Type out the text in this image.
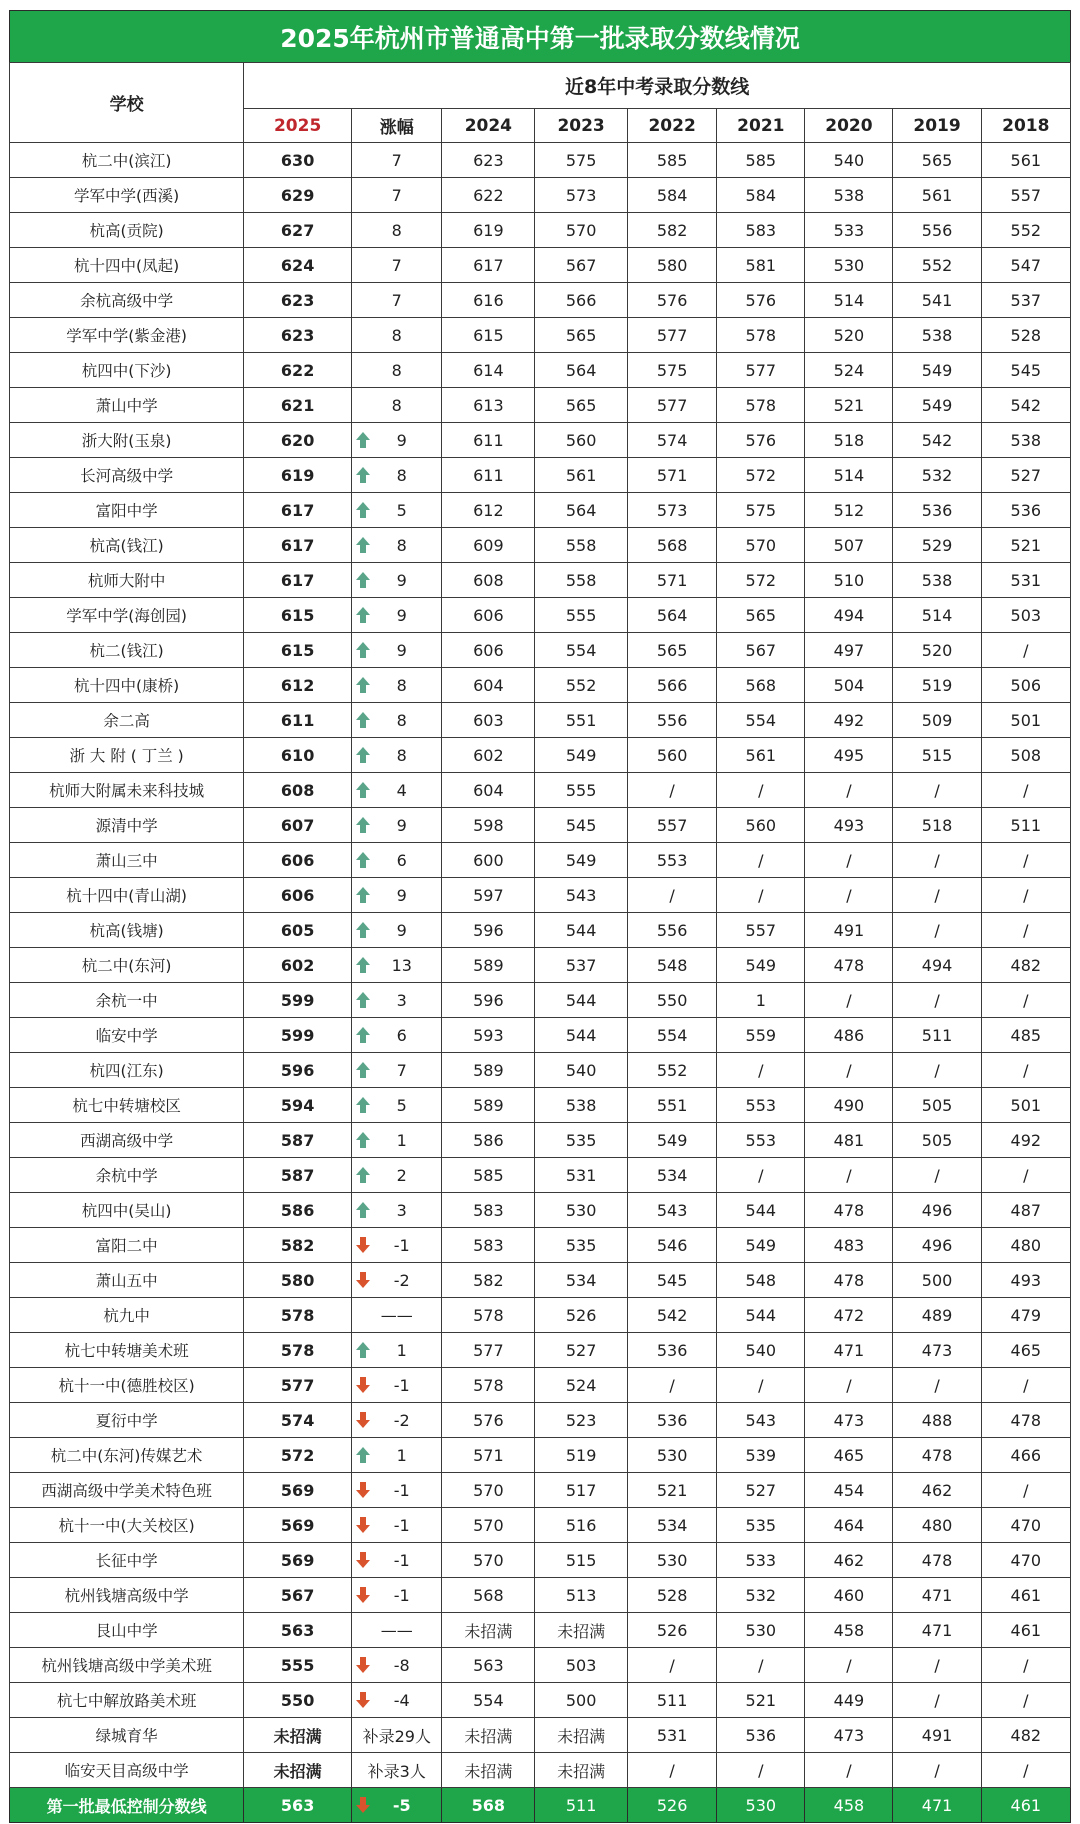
2025年杭州市普通高中第一批录取分数线情况
学校	近8年中考录取分数线								
	2025	涨幅	2024	2023	2022	2021	2020	2019	2018
杭二中(滨江)	630	7	623	575	585	585	540	565	561
学军中学(西溪)	629	7	622	573	584	584	538	561	557
杭高(贡院)	627	8	619	570	582	583	533	556	552
杭十四中(凤起)	624	7	617	567	580	581	530	552	547
余杭高级中学	623	7	616	566	576	576	514	541	537
学军中学(紫金港)	623	8	615	565	577	578	520	538	528
杭四中(下沙)	622	8	614	564	575	577	524	549	545
萧山中学	621	8	613	565	577	578	521	549	542
浙大附(玉泉)	620	9	611	560	574	576	518	542	538
长河高级中学	619	8	611	561	571	572	514	532	527
富阳中学	617	5	612	564	573	575	512	536	536
杭高(钱江)	617	8	609	558	568	570	507	529	521
杭师大附中	617	9	608	558	571	572	510	538	531
学军中学(海创园)	615	9	606	555	564	565	494	514	503
杭二(钱江)	615	9	606	554	565	567	497	520	/
杭十四中(康桥)	612	8	604	552	566	568	504	519	506
余二高	611	8	603	551	556	554	492	509	501
浙 大 附 ( 丁兰 )	610	8	602	549	560	561	495	515	508
杭师大附属未来科技城	608	4	604	555	/	/	/	/	/
源清中学	607	9	598	545	557	560	493	518	511
萧山三中	606	6	600	549	553	/	/	/	/
杭十四中(青山湖)	606	9	597	543	/	/	/	/	/
杭高(钱塘)	605	9	596	544	556	557	491	/	/
杭二中(东河)	602	13	589	537	548	549	478	494	482
余杭一中	599	3	596	544	550	1	/	/	/
临安中学	599	6	593	544	554	559	486	511	485
杭四(江东)	596	7	589	540	552	/	/	/	/
杭七中转塘校区	594	5	589	538	551	553	490	505	501
西湖高级中学	587	1	586	535	549	553	481	505	492
余杭中学	587	2	585	531	534	/	/	/	/
杭四中(吴山)	586	3	583	530	543	544	478	496	487
富阳二中	582	-1	583	535	546	549	483	496	480
萧山五中	580	-2	582	534	545	548	478	500	493
杭九中	578	——	578	526	542	544	472	489	479
杭七中转塘美术班	578	1	577	527	536	540	471	473	465
杭十一中(德胜校区)	577	-1	578	524	/	/	/	/	/
夏衍中学	574	-2	576	523	536	543	473	488	478
杭二中(东河)传媒艺术	572	1	571	519	530	539	465	478	466
西湖高级中学美术特色班	569	-1	570	517	521	527	454	462	/
杭十一中(大关校区)	569	-1	570	516	534	535	464	480	470
长征中学	569	-1	570	515	530	533	462	478	470
杭州钱塘高级中学	567	-1	568	513	528	532	460	471	461
艮山中学	563	——	未招满	未招满	526	530	458	471	461
杭州钱塘高级中学美术班	555	-8	563	503	/	/	/	/	/
杭七中解放路美术班	550	-4	554	500	511	521	449	/	/
绿城育华	未招满	补录29人	未招满	未招满	531	536	473	491	482
临安天目高级中学	未招满	补录3人	未招满	未招满	/	/	/	/	/
第一批最低控制分数线	563	-5	568	511	526	530	458	471	461
